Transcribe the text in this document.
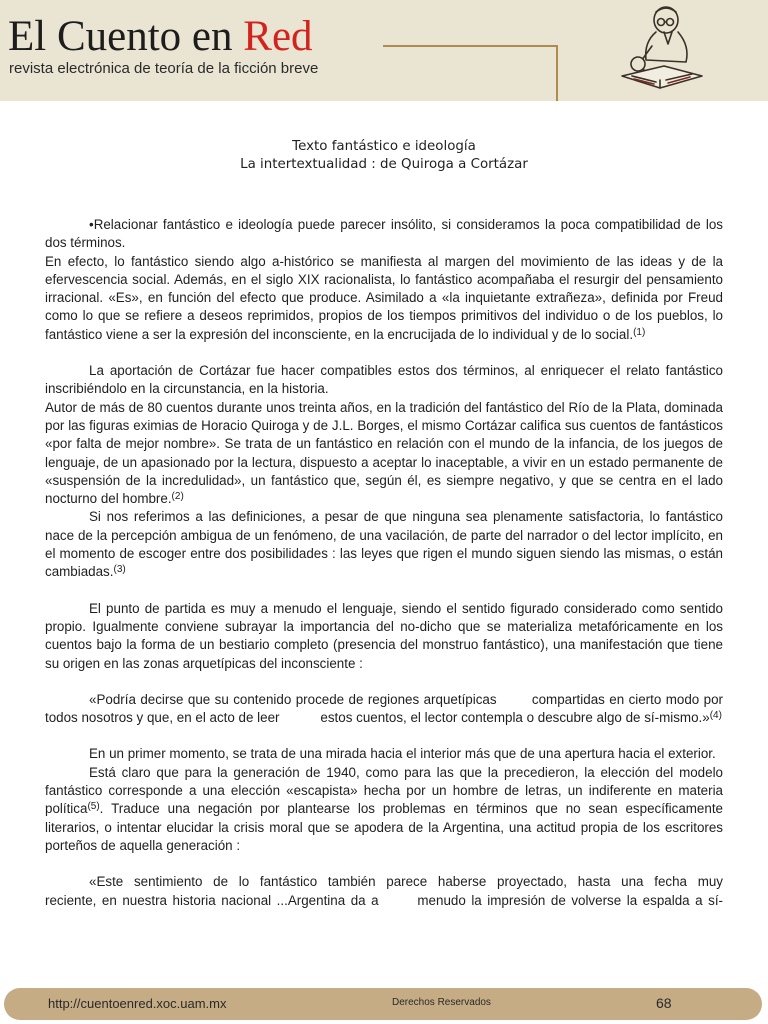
El Cuento en Red
revista electrónica de teoría de la ficción breve
Texto fantástico e ideología
La intertextualidad : de Quiroga a Cortázar

•Relacionar fantástico e ideología puede parecer insólito, si consideramos la poca compatibilidad de los dos términos.

En efecto, lo fantástico siendo algo a-histórico se manifiesta al margen del movimiento de las ideas y de la efervescencia social. Además, en el siglo XIX racionalista, lo fantástico acompañaba el resurgir del pensamiento irracional. «Es», en función del efecto que produce. Asimilado a «la inquietante extrañeza», definida por Freud como lo que se refiere a deseos reprimidos, propios de los tiempos primitivos del individuo o de los pueblos, lo fantástico viene a ser la expresión del inconsciente, en la encrucijada de lo individual y de lo social.$^{(1)}$

La aportación de Cortázar fue hacer compatibles estos dos términos, al enriquecer el relato fantástico inscribiéndolo en la circunstancia, en la historia.

Autor de más de 80 cuentos durante unos treinta años, en la tradición del fantástico del Río de la Plata, dominada por las figuras eximias de Horacio Quiroga y de J.L. Borges, el mismo Cortázar califica sus cuentos de fantásticos «por falta de mejor nombre». Se trata de un fantástico en relación con el mundo de la infancia, de los juegos de lenguaje, de un apasionado por la lectura, dispuesto a aceptar lo inaceptable, a vivir en un estado permanente de «suspensión de la incredulidad», un fantástico que, según él, es siempre negativo, y que se centra en el lado nocturno del hombre.$^{(2)}$

Si nos referimos a las definiciones, a pesar de que ninguna sea plenamente satisfactoria, lo fantástico nace de la percepción ambigua de un fenómeno, de una vacilación, de parte del narrador o del lector implícito, en el momento de escoger entre dos posibilidades : las leyes que rigen el mundo siguen siendo las mismas, o están cambiadas.$^{(3)}$

El punto de partida es muy a menudo el lenguaje, siendo el sentido figurado considerado como sentido propio. Igualmente conviene subrayar la importancia del no-dicho que se materializa metafóricamente en los cuentos bajo la forma de un bestiario completo (presencia del monstruo fantástico), una manifestación que tiene su origen en las zonas arquetípicas del inconsciente :

«Podría decirse que su contenido procede de regiones arquetípicas        compartidas en cierto modo por todos nosotros y que, en el acto de leer           estos cuentos, el lector contempla o descubre algo de sí-mismo.»$^{(4)}$

En un primer momento, se trata de una mirada hacia el interior más que de una apertura hacia el exterior.

Está claro que para la generación de 1940, como para las que la precedieron, la elección del modelo fantástico corresponde a una elección «escapista» hecha por un hombre de letras, un indiferente en materia política$^{(5)}$. Traduce una negación por plantearse los problemas en términos que no sean específicamente literarios, o intentar elucidar la crisis moral que se apodera de la Argentina, una actitud propia de los escritores porteños de aquella generación :

«Este sentimiento de lo fantástico también parece haberse proyectado, hasta una fecha muy

reciente, en nuestra historia nacional ...Argentina da a       menudo la impresión de volverse la espalda a sí-

http://cuentoenred.xoc.uam.mx	Derechos Reservados	68
